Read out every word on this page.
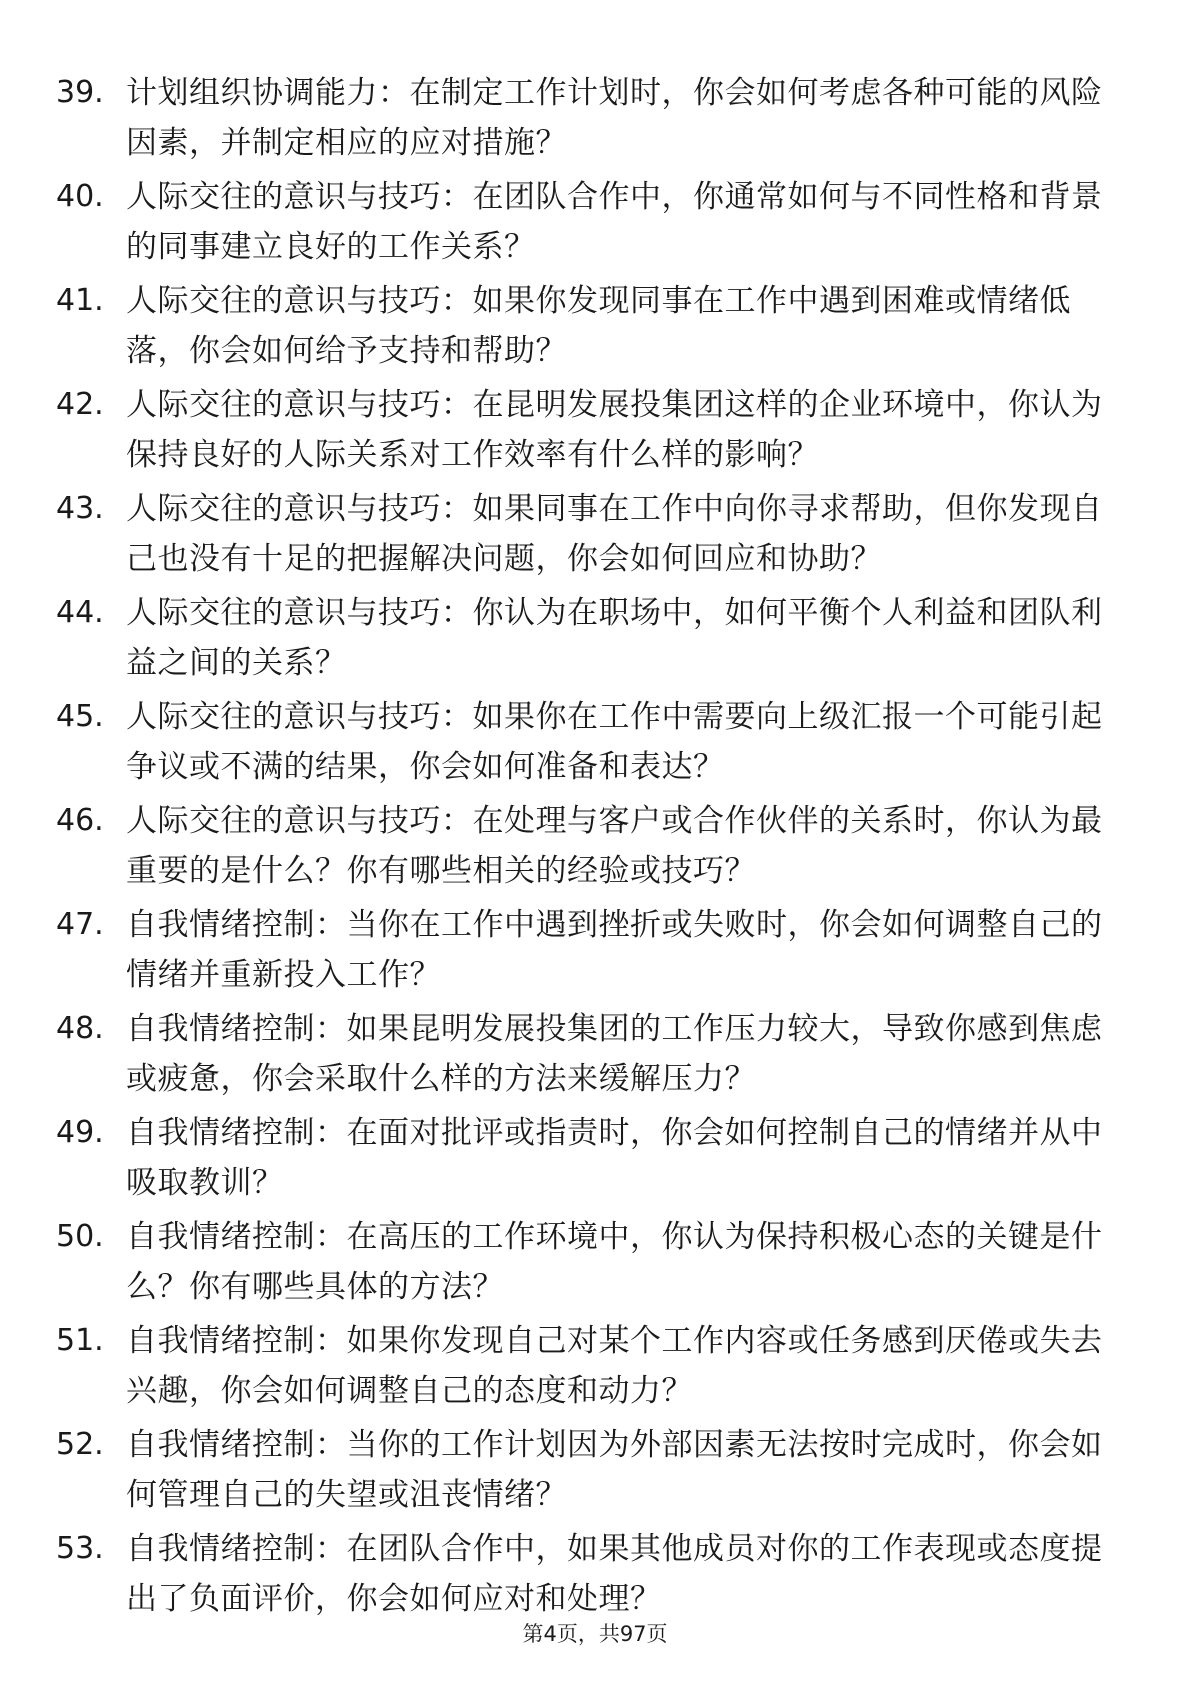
39. 计划组织协调能力：在制定工作计划时，你会如何考虑各种可能的风险因素，并制定相应的应对措施？
40. 人际交往的意识与技巧：在团队合作中，你通常如何与不同性格和背景的同事建立良好的工作关系？
41. 人际交往的意识与技巧：如果你发现同事在工作中遇到困难或情绪低落，你会如何给予支持和帮助？
42. 人际交往的意识与技巧：在昆明发展投集团这样的企业环境中，你认为保持良好的人际关系对工作效率有什么样的影响？
43. 人际交往的意识与技巧：如果同事在工作中向你寻求帮助，但你发现自己也没有十足的把握解决问题，你会如何回应和协助？
44. 人际交往的意识与技巧：你认为在职场中，如何平衡个人利益和团队利益之间的关系？
45. 人际交往的意识与技巧：如果你在工作中需要向上级汇报一个可能引起争议或不满的结果，你会如何准备和表达？
46. 人际交往的意识与技巧：在处理与客户或合作伙伴的关系时，你认为最重要的是什么？你有哪些相关的经验或技巧？
47. 自我情绪控制：当你在工作中遇到挫折或失败时，你会如何调整自己的情绪并重新投入工作？
48. 自我情绪控制：如果昆明发展投集团的工作压力较大，导致你感到焦虑或疲惫，你会采取什么样的方法来缓解压力？
49. 自我情绪控制：在面对批评或指责时，你会如何控制自己的情绪并从中吸取教训？
50. 自我情绪控制：在高压的工作环境中，你认为保持积极心态的关键是什么？你有哪些具体的方法？
51. 自我情绪控制：如果你发现自己对某个工作内容或任务感到厌倦或失去兴趣，你会如何调整自己的态度和动力？
52. 自我情绪控制：当你的工作计划因为外部因素无法按时完成时，你会如何管理自己的失望或沮丧情绪？
53. 自我情绪控制：在团队合作中，如果其他成员对你的工作表现或态度提出了负面评价，你会如何应对和处理？
第4页，共97页
